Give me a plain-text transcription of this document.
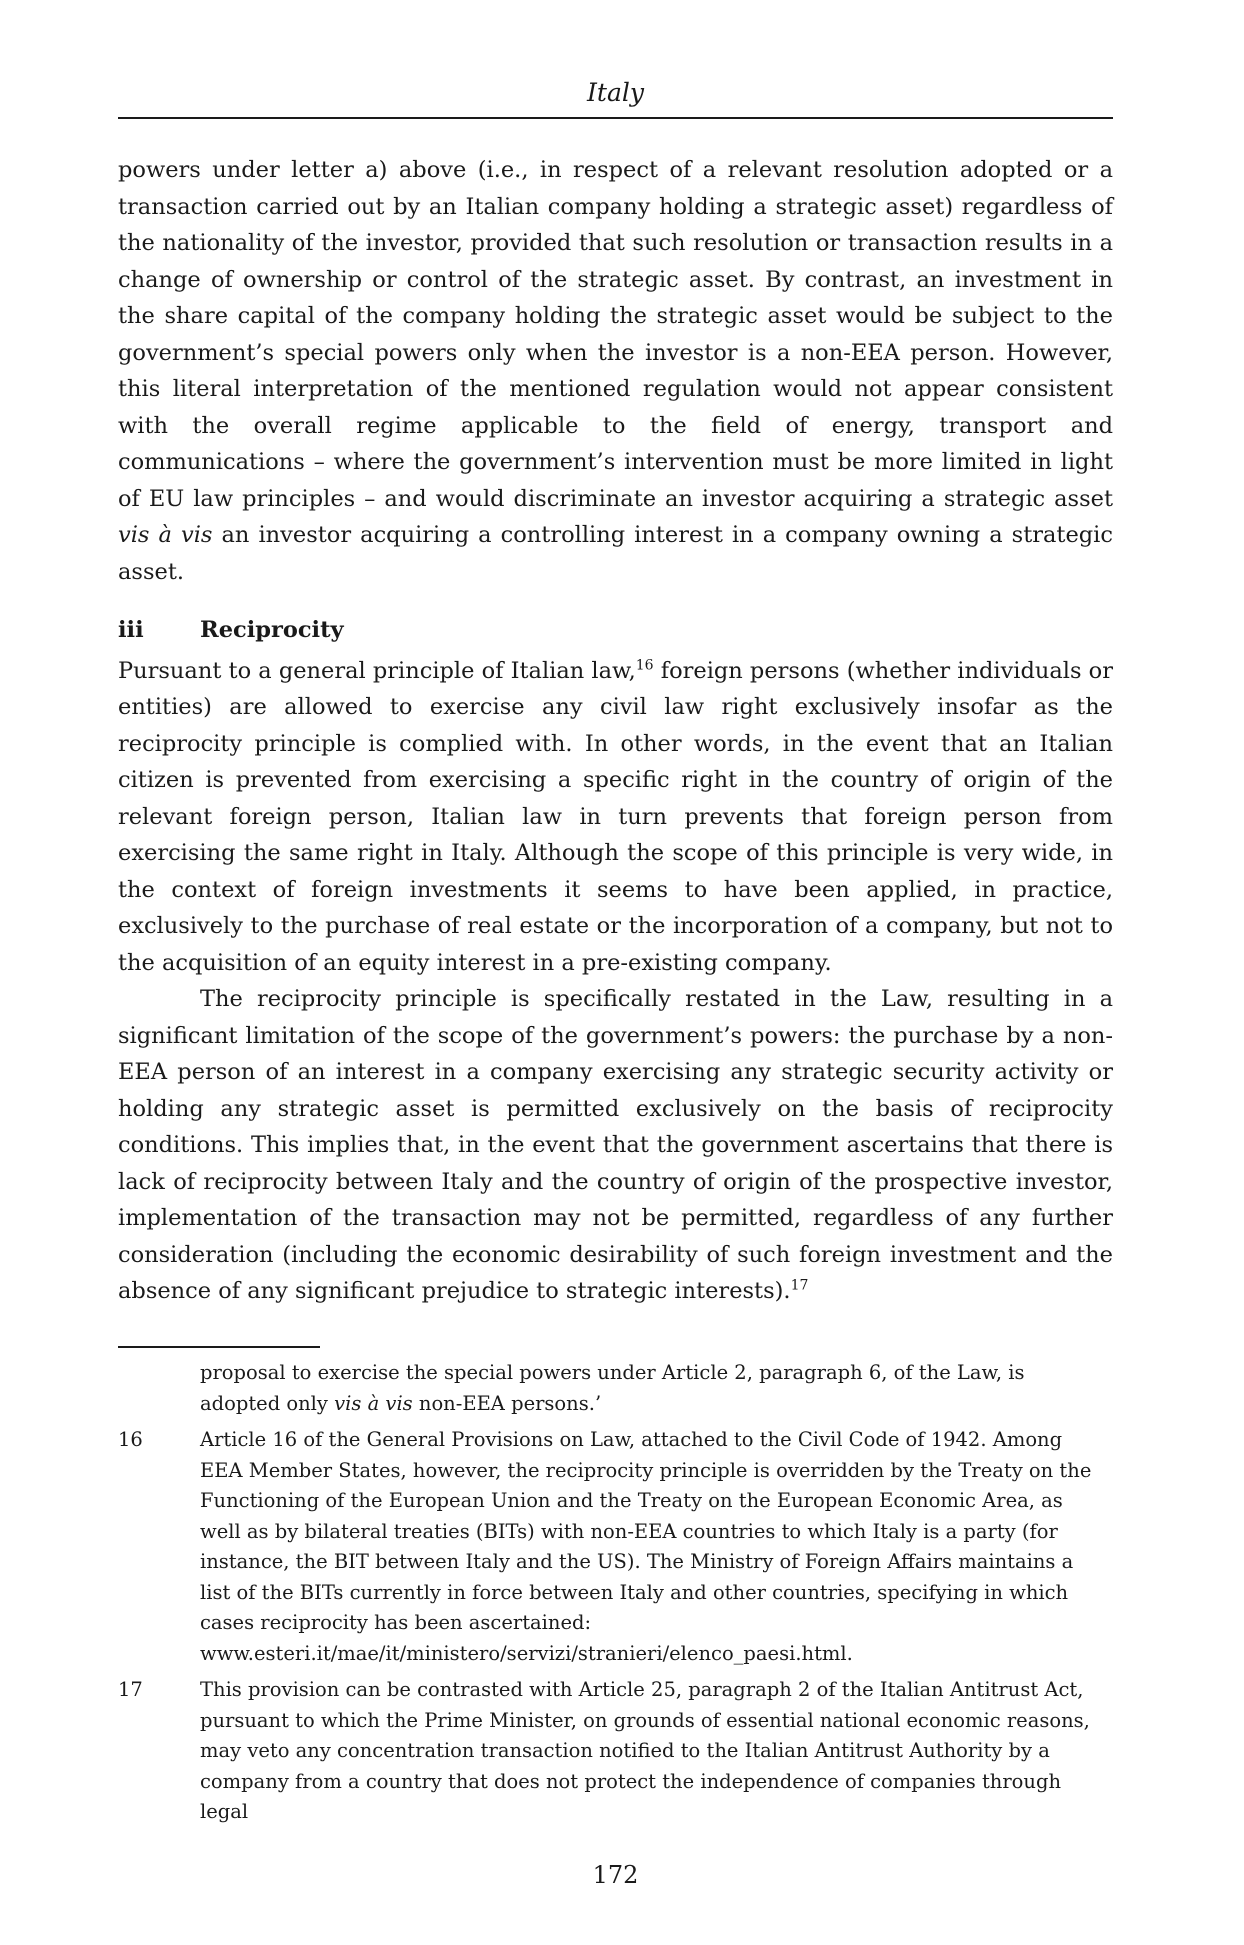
Italy

powers under letter a) above (i.e., in respect of a relevant resolution adopted or a transaction carried out by an Italian company holding a strategic asset) regardless of the nationality of the investor, provided that such resolution or transaction results in a change of ownership or control of the strategic asset. By contrast, an investment in the share capital of the company holding the strategic asset would be subject to the government’s special powers only when the investor is a non-EEA person. However, this literal interpretation of the mentioned regulation would not appear consistent with the overall regime applicable to the field of energy, transport and communications – where the government’s intervention must be more limited in light of EU law principles – and would discriminate an investor acquiring a strategic asset vis à vis an investor acquiring a controlling interest in a company owning a strategic asset.

iii	Reciprocity

Pursuant to a general principle of Italian law,$^{16}$ foreign persons (whether individuals or entities) are allowed to exercise any civil law right exclusively insofar as the reciprocity principle is complied with. In other words, in the event that an Italian citizen is prevented from exercising a specific right in the country of origin of the relevant foreign person, Italian law in turn prevents that foreign person from exercising the same right in Italy. Although the scope of this principle is very wide, in the context of foreign investments it seems to have been applied, in practice, exclusively to the purchase of real estate or the incorporation of a company, but not to the acquisition of an equity interest in a pre-existing company.

The reciprocity principle is specifically restated in the Law, resulting in a significant limitation of the scope of the government’s powers: the purchase by a non-EEA person of an interest in a company exercising any strategic security activity or holding any strategic asset is permitted exclusively on the basis of reciprocity conditions. This implies that, in the event that the government ascertains that there is lack of reciprocity between Italy and the country of origin of the prospective investor, implementation of the transaction may not be permitted, regardless of any further consideration (including the economic desirability of such foreign investment and the absence of any significant prejudice to strategic interests).$^{17}$

proposal to exercise the special powers under Article 2, paragraph 6, of the Law, is adopted only vis à vis non-EEA persons.’
16	Article 16 of the General Provisions on Law, attached to the Civil Code of 1942. Among EEA Member States, however, the reciprocity principle is overridden by the Treaty on the Functioning of the European Union and the Treaty on the European Economic Area, as well as by bilateral treaties (BITs) with non-EEA countries to which Italy is a party (for instance, the BIT between Italy and the US). The Ministry of Foreign Affairs maintains a list of the BITs currently in force between Italy and other countries, specifying in which cases reciprocity has been ascertained: www.esteri.it/mae/it/ministero/servizi/stranieri/elenco_paesi.html.
17	This provision can be contrasted with Article 25, paragraph 2 of the Italian Antitrust Act, pursuant to which the Prime Minister, on grounds of essential national economic reasons, may veto any concentration transaction notified to the Italian Antitrust Authority by a company from a country that does not protect the independence of companies through legal
172
